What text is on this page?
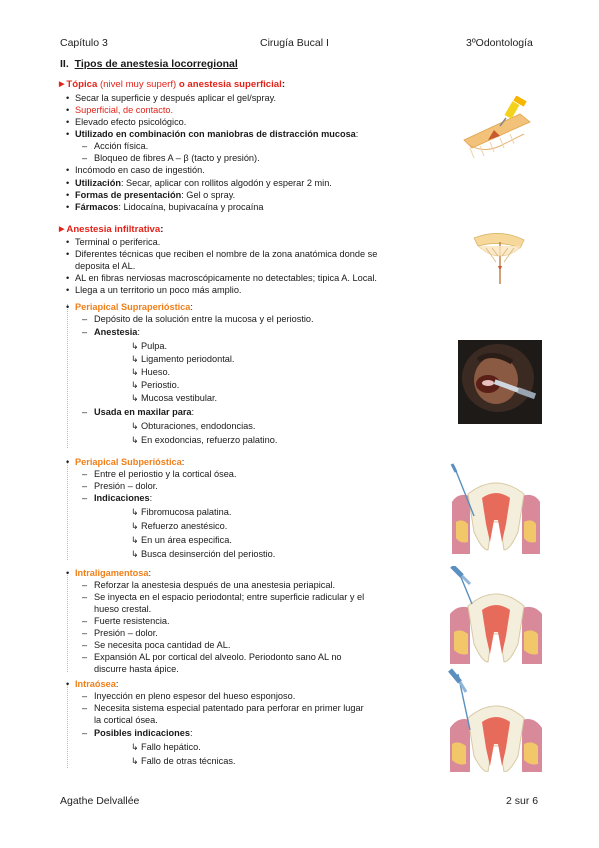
Capítulo 3	Cirugía Bucal I	3ºOdontología
II. Tipos de anestesia locorregional
▶ Tópica (nivel muy superf) o anestesia superficial:
• Secar la superficie y después aplicar el gel/spray.
• Superficial, de contacto.
• Elevado efecto psicológico.
• Utilizado en combinación con maniobras de distracción mucosa:
– Acción física.
– Bloqueo de fibres A – β (tacto y presión).
• Incómodo en caso de ingestión.
• Utilización: Secar, aplicar con rollitos algodón y esperar 2 min.
• Formas de presentación: Gel o spray.
• Fármacos: Lidocaína, bupivacaína y procaína
▶ Anestesia infiltrativa:
• Terminal o periferica.
• Diferentes técnicas que reciben el nombre de la zona anatómica donde se
deposita el AL.
• AL en fibras nerviosas macroscópicamente no detectables; tipica A. Local.
• Llega a un territorio un poco más amplio.
• Periapical Supraperióstica:
– Depósito de la solución entre la mucosa y el periostio.
– Anestesia:
↳ Pulpa.
↳ Ligamento periodontal.
↳ Hueso.
↳ Periostio.
↳ Mucosa vestibular.
– Usada en maxilar para:
↳ Obturaciones, endodoncias.
↳ En exodoncias, refuerzo palatino.
• Periapical Subperióstica:
– Entre el periostio y la cortical ósea.
– Presión – dolor.
– Indicaciones:
↳ Fibromucosa palatina.
↳ Refuerzo anestésico.
↳ En un área especifica.
↳ Busca desinserción del periostio.
• Intraligamentosa:
– Reforzar la anestesia después de una anestesia periapical.
– Se inyecta en el espacio periodontal; entre superficie radicular y el
hueso crestal.
– Fuerte resistencia.
– Presión – dolor.
– Se necesita poca cantidad de AL.
– Expansión AL por cortical del alveolo. Periodonto sano AL no
discurre hasta ápice.
• Intraósea:
– Inyección en pleno espesor del hueso esponjoso.
– Necesita sistema especial patentado para perforar en primer lugar
la cortical ósea.
– Posibles indicaciones:
↳ Fallo hepático.
↳ Fallo de otras técnicas.
Agathe Delvallée	2 sur 6
